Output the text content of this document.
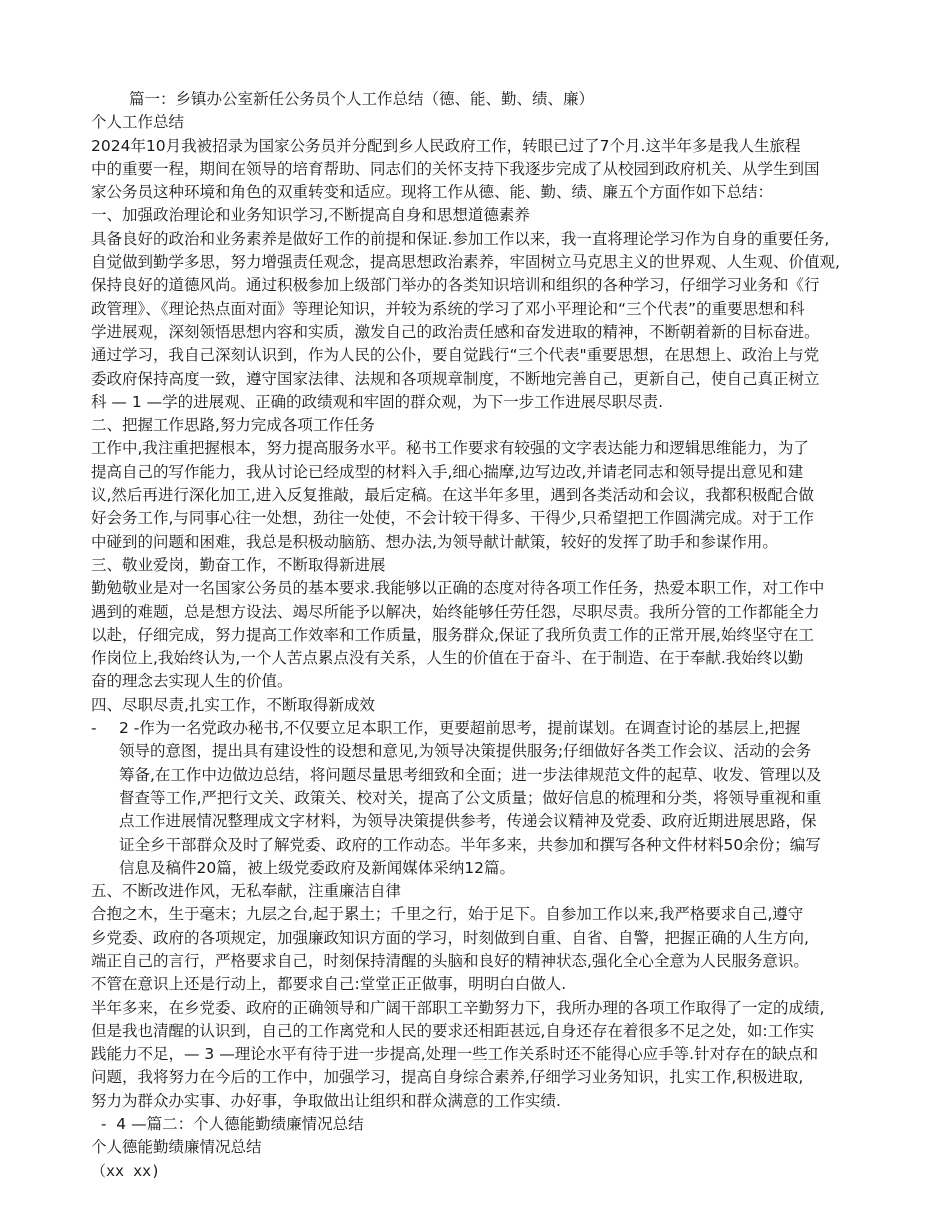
篇一：乡镇办公室新任公务员个人工作总结（德、能、勤、绩、廉）
个人工作总结
2024年10月我被招录为国家公务员并分配到乡人民政府工作，转眼已过了7个月.这半年多是我人生旅程
中的重要一程，期间在领导的培育帮助、同志们的关怀支持下我逐步完成了从校园到政府机关、从学生到国
家公务员这种环境和角色的双重转变和适应。现将工作从德、能、勤、绩、廉五个方面作如下总结：
一、加强政治理论和业务知识学习,不断提高自身和思想道德素养
具备良好的政治和业务素养是做好工作的前提和保证.参加工作以来，我一直将理论学习作为自身的重要任务,
自觉做到勤学多思，努力增强责任观念，提高思想政治素养，牢固树立马克思主义的世界观、人生观、价值观,
保持良好的道德风尚。通过积极参加上级部门举办的各类知识培训和组织的各种学习，仔细学习业务和《行
政管理》、《理论热点面对面》等理论知识，并较为系统的学习了邓小平理论和“三个代表”的重要思想和科
学进展观，深刻领悟思想内容和实质，激发自己的政治责任感和奋发进取的精神，不断朝着新的目标奋进。
通过学习，我自己深刻认识到，作为人民的公仆，要自觉践行“三个代表"重要思想，在思想上、政治上与党
委政府保持高度一致，遵守国家法律、法规和各项规章制度，不断地完善自己，更新自己，使自己真正树立
科 — 1 —学的进展观、正确的政绩观和牢固的群众观，为下一步工作进展尽职尽责.
二、把握工作思路,努力完成各项工作任务
工作中,我注重把握根本，努力提高服务水平。秘书工作要求有较强的文字表达能力和逻辑思维能力，为了
提高自己的写作能力，我从讨论已经成型的材料入手,细心揣摩,边写边改,并请老同志和领导提出意见和建
议,然后再进行深化加工,进入反复推敲，最后定稿。在这半年多里，遇到各类活动和会议，我都积极配合做
好会务工作,与同事心往一处想，劲往一处使，不会计较干得多、干得少,只希望把工作圆满完成。对于工作
中碰到的问题和困难，我总是积极动脑筋、想办法,为领导献计献策，较好的发挥了助手和参谋作用。
三、敬业爱岗，勤奋工作，不断取得新进展
勤勉敬业是对一名国家公务员的基本要求.我能够以正确的态度对待各项工作任务，热爱本职工作，对工作中
遇到的难题，总是想方设法、竭尽所能予以解决，始终能够任劳任怨，尽职尽责。我所分管的工作都能全力
以赴，仔细完成，努力提高工作效率和工作质量，服务群众,保证了我所负责工作的正常开展,始终坚守在工
作岗位上,我始终认为,一个人苦点累点没有关系，人生的价值在于奋斗、在于制造、在于奉献.我始终以勤
奋的理念去实现人生的价值。
四、尽职尽责,扎实工作，不断取得新成效
-	2 -作为一名党政办秘书,不仅要立足本职工作，更要超前思考，提前谋划。在调查讨论的基层上,把握
领导的意图，提出具有建设性的设想和意见,为领导决策提供服务;仔细做好各类工作会议、活动的会务
筹备,在工作中边做边总结，将问题尽量思考细致和全面；进一步法律规范文件的起草、收发、管理以及
督查等工作,严把行文关、政策关、校对关，提高了公文质量；做好信息的梳理和分类，将领导重视和重
点工作进展情况整理成文字材料，为领导决策提供参考，传递会议精神及党委、政府近期进展思路，保
证全乡干部群众及时了解党委、政府的工作动态。半年多来，共参加和撰写各种文件材料50余份；编写
信息及稿件20篇，被上级党委政府及新闻媒体采纳12篇。
五、不断改进作风，无私奉献，注重廉洁自律
合抱之木，生于毫末；九层之台,起于累土；千里之行，始于足下。自参加工作以来,我严格要求自己,遵守
乡党委、政府的各项规定，加强廉政知识方面的学习，时刻做到自重、自省、自警，把握正确的人生方向,
端正自己的言行，严格要求自己，时刻保持清醒的头脑和良好的精神状态,强化全心全意为人民服务意识。
不管在意识上还是行动上，都要求自己:堂堂正正做事，明明白白做人.
半年多来，在乡党委、政府的正确领导和广阔干部职工辛勤努力下，我所办理的各项工作取得了一定的成绩,
但是我也清醒的认识到，自己的工作离党和人民的要求还相距甚远,自身还存在着很多不足之处，如:工作实
践能力不足，— 3 —理论水平有待于进一步提高,处理一些工作关系时还不能得心应手等.针对存在的缺点和
问题，我将努力在今后的工作中，加强学习，提高自身综合素养,仔细学习业务知识，扎实工作,积极进取,
努力为群众办实事、办好事，争取做出让组织和群众满意的工作实绩.
-  4 —篇二：个人德能勤绩廉情况总结
个人德能勤绩廉情况总结
（xx xx)
